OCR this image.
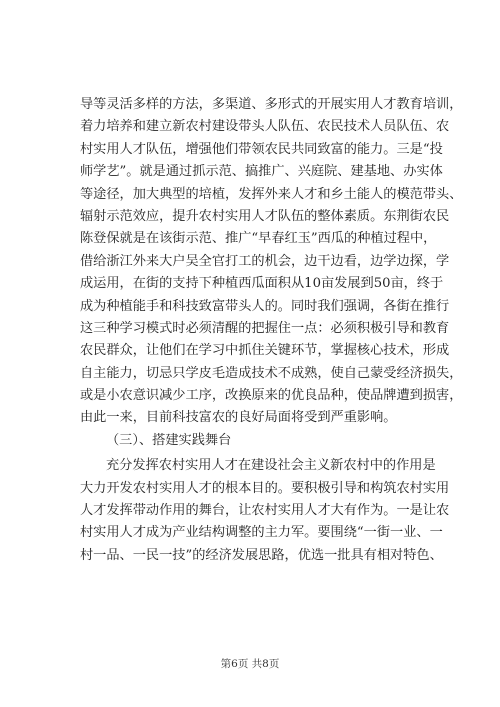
导等灵活多样的方法，多渠道、多形式的开展实用人才教育培训，
着力培养和建立新农村建设带头人队伍、农民技术人员队伍、农
村实用人才队伍，增强他们带领农民共同致富的能力。三是“投
师学艺”。就是通过抓示范、搞推广、兴庭院、建基地、办实体
等途径，加大典型的培植，发挥外来人才和乡土能人的模范带头、
辐射示范效应，提升农村实用人才队伍的整体素质。东荆街农民
陈登保就是在该街示范、推广“早春红玉”西瓜的种植过程中，
借给浙江外来大户吴全官打工的机会，边干边看，边学边探，学
成运用，在街的支持下种植西瓜面积从10亩发展到50亩，终于
成为种植能手和科技致富带头人的。同时我们强调，各街在推行
这三种学习模式时必须清醒的把握住一点：必须积极引导和教育
农民群众，让他们在学习中抓住关键环节，掌握核心技术，形成
自主能力，切忌只学皮毛造成技术不成熟，使自己蒙受经济损失，
或是小农意识减少工序，改换原来的优良品种，使品牌遭到损害，
由此一来，目前科技富农的良好局面将受到严重影响。
（三）、搭建实践舞台
充分发挥农村实用人才在建设社会主义新农村中的作用是
大力开发农村实用人才的根本目的。要积极引导和构筑农村实用
人才发挥带动作用的舞台，让农村实用人才大有作为。一是让农
村实用人才成为产业结构调整的主力军。要围绕“一街一业、一
村一品、一民一技”的经济发展思路，优选一批具有相对特色、
第6页 共8页
